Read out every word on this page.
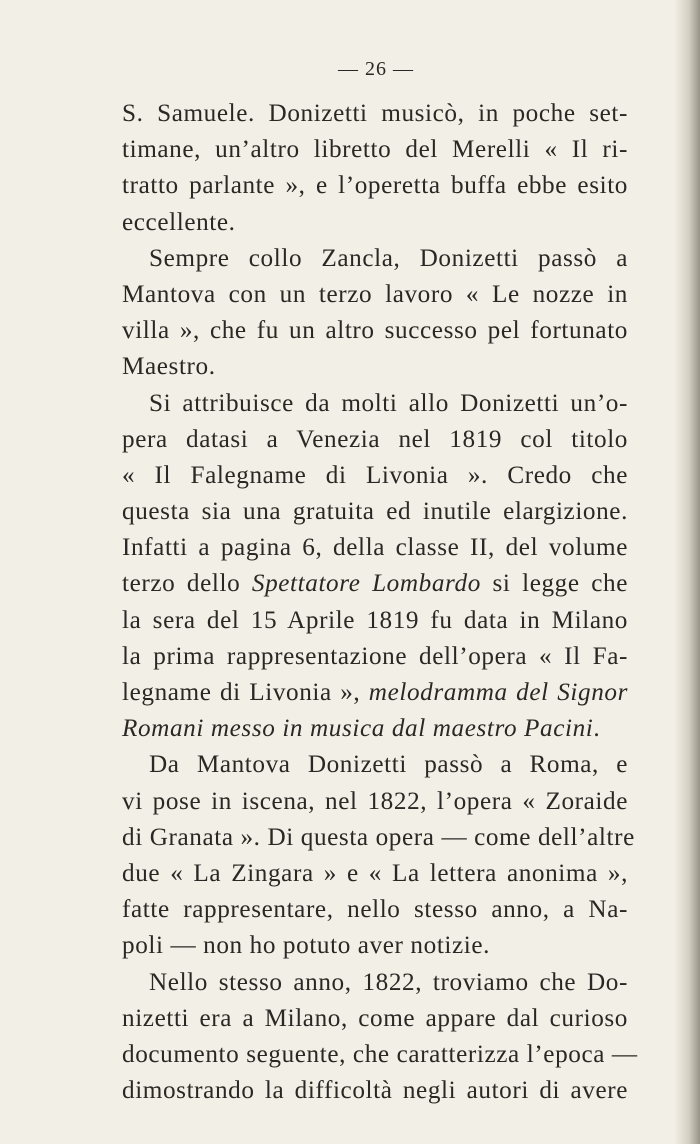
— 26 —
S. Samuele. Donizetti musicò, in poche set-
timane, un’altro libretto del Merelli « Il ri-
tratto parlante », e l’operetta buffa ebbe esito
eccellente.
Sempre collo Zancla, Donizetti passò a
Mantova con un terzo lavoro « Le nozze in
villa », che fu un altro successo pel fortunato
Maestro.
Si attribuisce da molti allo Donizetti un’o-
pera datasi a Venezia nel 1819 col titolo
« Il Falegname di Livonia ». Credo che
questa sia una gratuita ed inutile elargizione.
Infatti a pagina 6, della classe II, del volume
terzo dello Spettatore Lombardo si legge che
la sera del 15 Aprile 1819 fu data in Milano
la prima rappresentazione dell’opera « Il Fa-
legname di Livonia », melodramma del Signor
Romani messo in musica dal maestro Pacini.
Da Mantova Donizetti passò a Roma, e
vi pose in iscena, nel 1822, l’opera « Zoraide
di Granata ». Di questa opera — come dell’altre
due « La Zingara » e « La lettera anonima »,
fatte rappresentare, nello stesso anno, a Na-
poli — non ho potuto aver notizie.
Nello stesso anno, 1822, troviamo che Do-
nizetti era a Milano, come appare dal curioso
documento seguente, che caratterizza l’epoca —
dimostrando la difficoltà negli autori di avere
